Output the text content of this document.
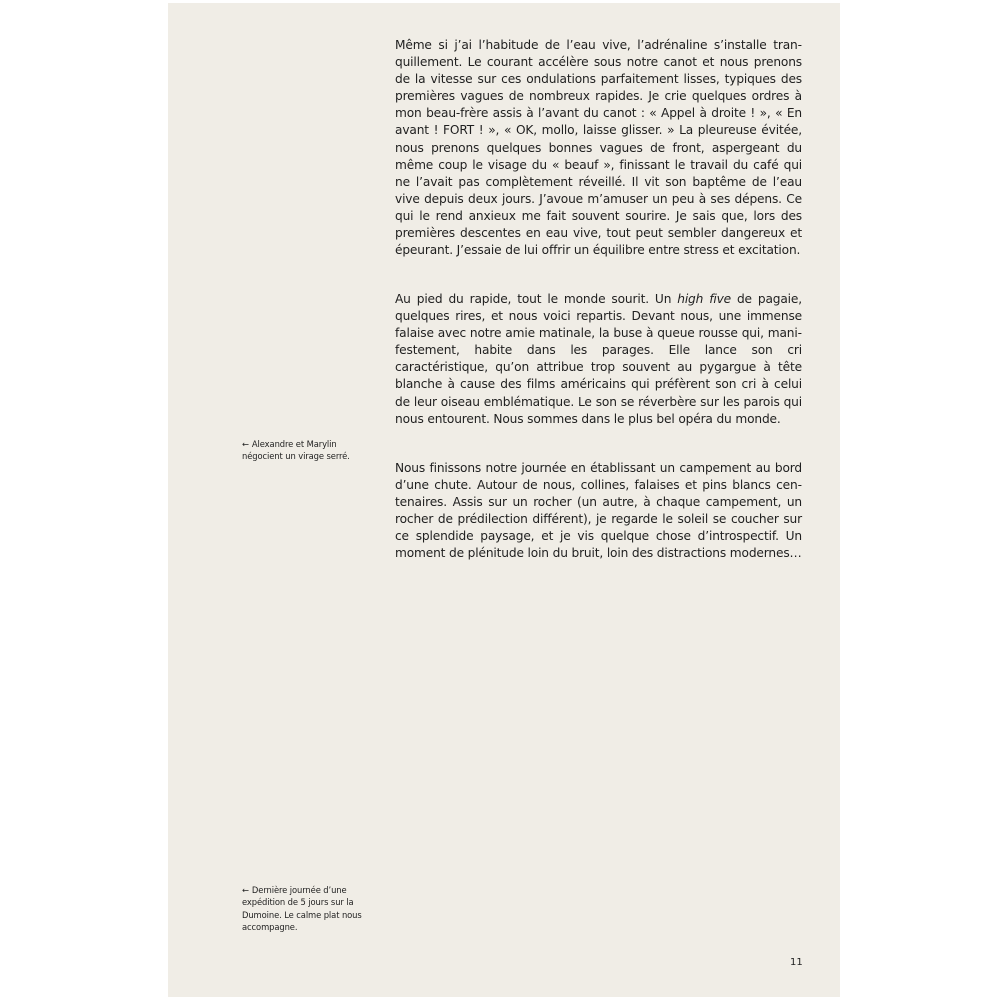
Même si j’ai l’habitude de l’eau vive, l’adrénaline s’installe tranquillement. Le courant accélère sous notre canot et nous prenons de la vitesse sur ces ondulations parfaitement lisses, typiques des premières vagues de nombreux rapides. Je crie quelques ordres à mon beau-frère assis à l’avant du canot : « Appel à droite ! », « En avant ! FORT ! », « OK, mollo, laisse glisser. » La pleureuse évitée, nous prenons quelques bonnes vagues de front, aspergeant du même coup le visage du « beauf », finissant le travail du café qui ne l’avait pas complètement réveillé. Il vit son baptême de l’eau vive depuis deux jours. J’avoue m’amuser un peu à ses dépens. Ce qui le rend anxieux me fait souvent sourire. Je sais que, lors des premières descentes en eau vive, tout peut sembler dangereux et épeurant. J’essaie de lui offrir un équilibre entre stress et excitation.

Au pied du rapide, tout le monde sourit. Un high five de pagaie, quelques rires, et nous voici repartis. Devant nous, une immense falaise avec notre amie matinale, la buse à queue rousse qui, manifestement, habite dans les parages. Elle lance son cri caractéristique, qu’on attribue trop souvent au pygargue à tête blanche à cause des films américains qui préfèrent son cri à celui de leur oiseau emblématique. Le son se réverbère sur les parois qui nous entourent. Nous sommes dans le plus bel opéra du monde.

Nous finissons notre journée en établissant un campement au bord d’une chute. Autour de nous, collines, falaises et pins blancs centenaires. Assis sur un rocher (un autre, à chaque campement, un rocher de prédilection différent), je regarde le soleil se coucher sur ce splendide paysage, et je vis quelque chose d’introspectif. Un moment de plénitude loin du bruit, loin des distractions modernes…

← Alexandre et Marylin négocient un virage serré.

← Dernière journée d’une expédition de 5 jours sur la Dumoine. Le calme plat nous accompagne.

11
